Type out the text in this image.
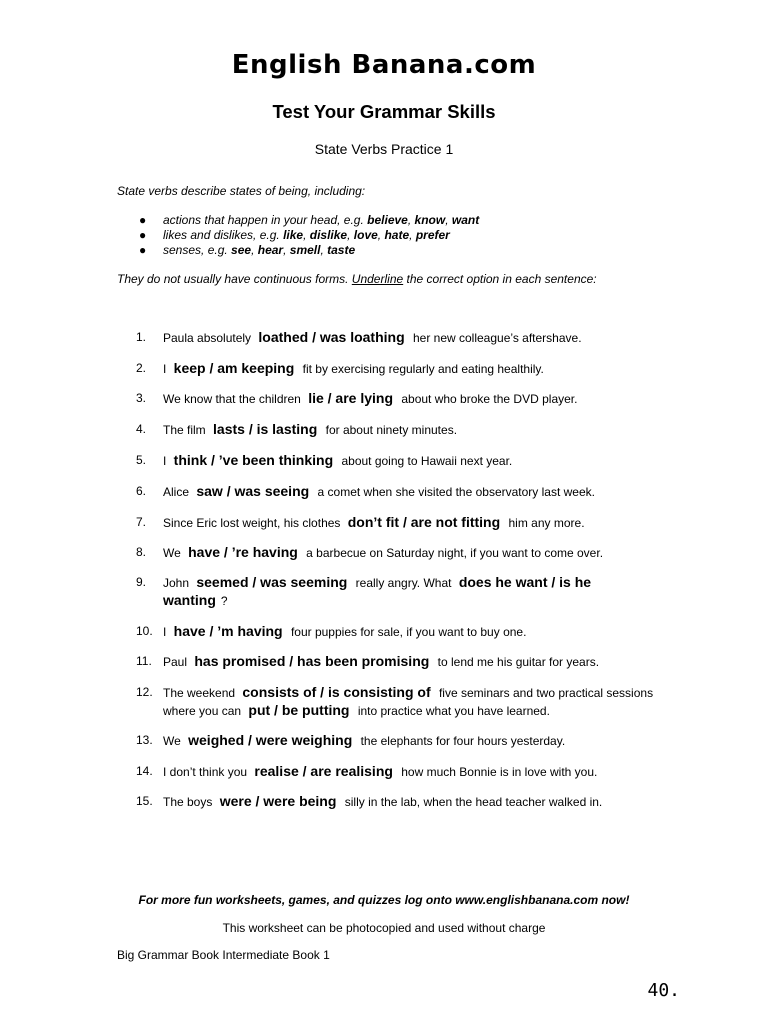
English Banana.com
Test Your Grammar Skills
State Verbs Practice 1
State verbs describe states of being, including:
●	actions that happen in your head, e.g. believe, know, want
●	likes and dislikes, e.g. like, dislike, love, hate, prefer
●	senses, e.g. see, hear, smell, taste
They do not usually have continuous forms. Underline the correct option in each sentence:
1.	Paula absolutely loathed / was loathing her new colleague’s aftershave.
2.	I keep / am keeping fit by exercising regularly and eating healthily.
3.	We know that the children lie / are lying about who broke the DVD player.
4.	The film lasts / is lasting for about ninety minutes.
5.	I think / ’ve been thinking about going to Hawaii next year.
6.	Alice saw / was seeing a comet when she visited the observatory last week.
7.	Since Eric lost weight, his clothes don’t fit / are not fitting him any more.
8.	We have / ’re having a barbecue on Saturday night, if you want to come over.
9.	John seemed / was seeming really angry. What does he want / is he wanting ?
10. I have / ’m having four puppies for sale, if you want to buy one.
11. Paul has promised / has been promising to lend me his guitar for years.
12. The weekend consists of / is consisting of five seminars and two practical sessions where you can put / be putting into practice what you have learned.
13. We weighed / were weighing the elephants for four hours yesterday.
14. I don’t think you realise / are realising how much Bonnie is in love with you.
15. The boys were / were being silly in the lab, when the head teacher walked in.
For more fun worksheets, games, and quizzes log onto www.englishbanana.com now!
This worksheet can be photocopied and used without charge
Big Grammar Book Intermediate Book 1
40.
